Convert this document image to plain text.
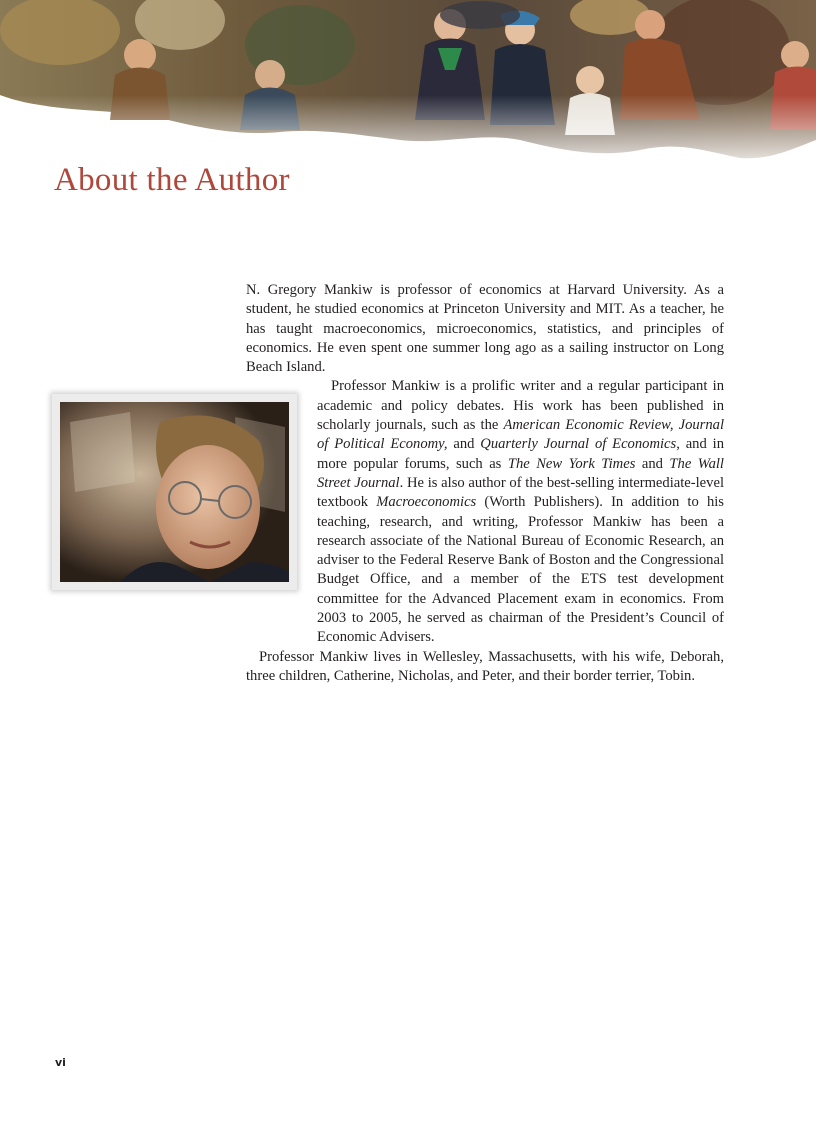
About the Author

N. Gregory Mankiw is professor of economics at Harvard University. As a student, he studied economics at Princeton University and MIT. As a teacher, he has taught macroeconomics, microeconomics, statistics, and principles of economics. He even spent one summer long ago as a sailing instructor on Long Beach Island.

Professor Mankiw is a prolific writer and a regular participant in academic and policy debates. His work has been published in scholarly journals, such as the American Economic Review, Journal of Political Economy, and Quarterly Journal of Economics, and in more popular forums, such as The New York Times and The Wall Street Journal. He is also author of the best-selling intermediate-level textbook Macroeconomics (Worth Publishers). In addition to his teaching, research, and writing, Professor Mankiw has been a research associate of the National Bureau of Economic Research, an adviser to the Federal Reserve Bank of Boston and the Congressional Budget Office, and a member of the ETS test development committee for the Advanced Placement exam in economics. From 2003 to 2005, he served as chairman of the President’s Council of Economic Advisers.

Professor Mankiw lives in Wellesley, Massachusetts, with his wife, Deborah, three children, Catherine, Nicholas, and Peter, and their border terrier, Tobin.

vi
